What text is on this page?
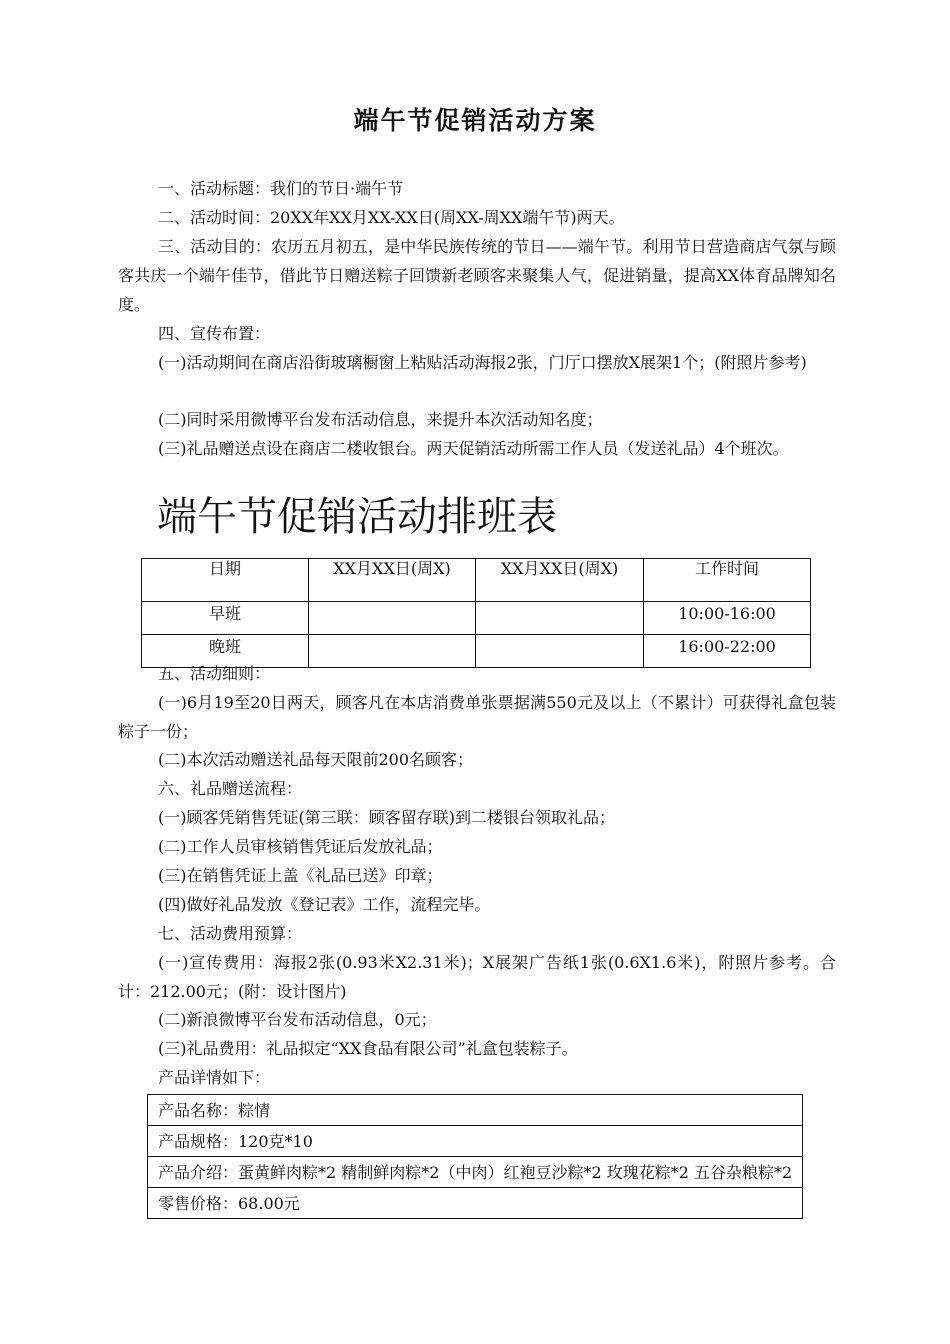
端午节促销活动方案

一、活动标题：我们的节日·端午节

二、活动时间：20XX年XX月XX-XX日(周XX-周XX端午节)两天。

三、活动目的：农历五月初五，是中华民族传统的节日——端午节。利用节日营造商店气氛与顾客共庆一个端午佳节，借此节日赠送粽子回馈新老顾客来聚集人气，促进销量，提高XX体育品牌知名度。

四、宣传布置：

(一)活动期间在商店沿街玻璃橱窗上粘贴活动海报2张，门厅口摆放X展架1个；(附照片参考)

(二)同时采用微博平台发布活动信息，来提升本次活动知名度；

(三)礼品赠送点设在商店二楼收银台。两天促销活动所需工作人员（发送礼品）4个班次。

端午节促销活动排班表
日期	XX月XX日(周X)	XX月XX日(周X)	工作时间
早班			10:00-16:00
晚班			16:00-22:00

五、活动细则：

(一)6月19至20日两天，顾客凡在本店消费单张票据满550元及以上（不累计）可获得礼盒包装粽子一份；

(二)本次活动赠送礼品每天限前200名顾客；

六、礼品赠送流程：

(一)顾客凭销售凭证(第三联：顾客留存联)到二楼银台领取礼品；

(二)工作人员审核销售凭证后发放礼品；

(三)在销售凭证上盖《礼品已送》印章；

(四)做好礼品发放《登记表》工作，流程完毕。

七、活动费用预算：

(一)宣传费用：海报2张(0.93米X2.31米)；X展架广告纸1张(0.6X1.6米)，附照片参考。合计：212.00元；(附：设计图片)

(二)新浪微博平台发布活动信息，0元；

(三)礼品费用：礼品拟定“XX食品有限公司”礼盒包装粽子。

产品详情如下：

产品名称：粽情
产品规格：120克*10
产品介绍：蛋黄鲜肉粽*2 精制鲜肉粽*2（中肉）红袍豆沙粽*2 玫瑰花粽*2 五谷杂粮粽*2
零售价格：68.00元
